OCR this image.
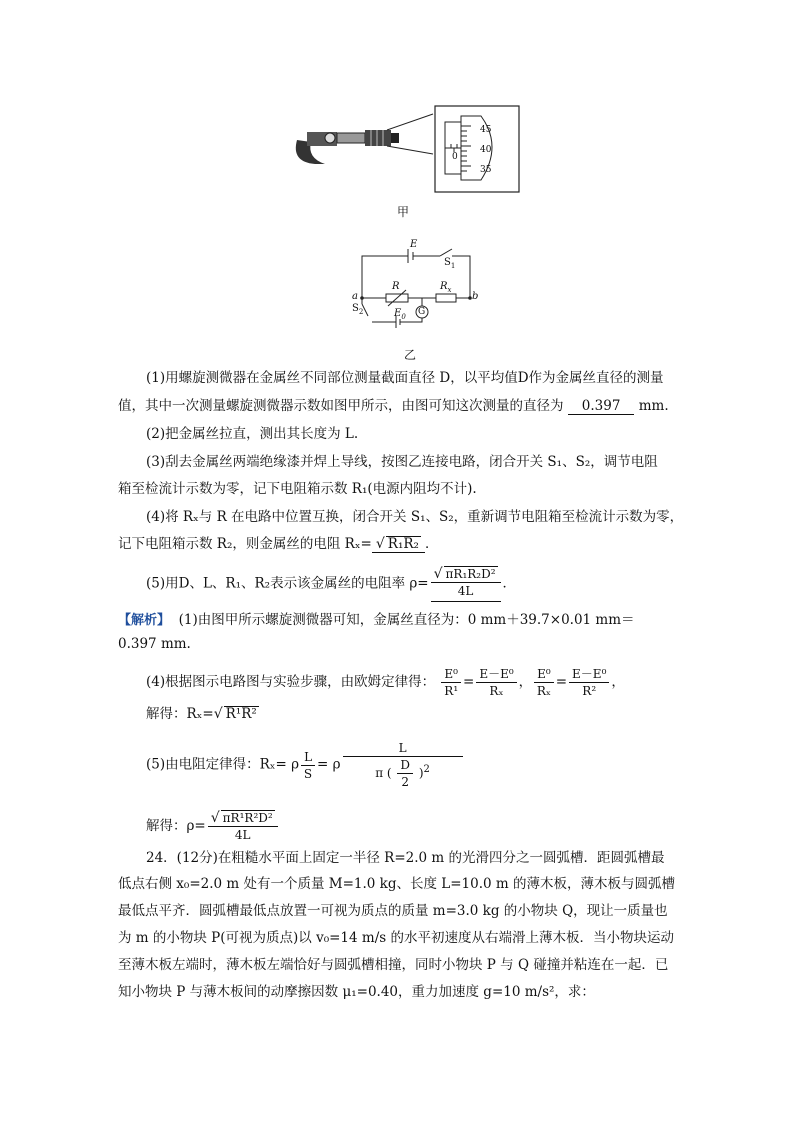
45
40
35
0
甲
E
$S_1$
R	$R_x$
a	b
$S_2$	$E_0$ G
乙
(1)用螺旋测微器在金属丝不同部位测量截面直径 D，以平均值D作为金属丝直径的测量
值，其中一次测量螺旋测微器示数如图甲所示，由图可知这次测量的直径为 0.397 mm.
(2)把金属丝拉直，测出其长度为 L.
(3)刮去金属丝两端绝缘漆并焊上导线，按图乙连接电路，闭合开关 S₁、S₂，调节电阻
箱至检流计示数为零，记下电阻箱示数 R₁(电源内阻均不计).
(4)将 Rₓ与 R 在电路中位置互换，闭合开关 S₁、S₂，重新调节电阻箱至检流计示数为零，
记下电阻箱示数 R₂，则金属丝的电阻 Rₓ= √ R₁R₂ ．
(5)用D、L、R₁、R₂表示该金属丝的电阻率 $\rho= \frac{\text{√ πR₁R₂D²}}{4L}$ ．
【解析】 (1)由图甲所示螺旋测微器可知，金属丝直径为：0 mm＋39.7×0.01 mm＝
0.397 mm.
(4)根据图示电路图与实验步骤，由欧姆定律得： $\frac{\text{E⁰}}{\text{R¹}} = \frac{\text{E－E⁰}}{\text{Rₓ}}$ ， $\frac{\text{E⁰}}{\text{Rₓ}} = \frac{\text{E－E⁰}}{\text{R²}}$ ，
解得：Rₓ=√ R¹R²
(5)由电阻定律得：Rₓ= ρ $\frac{L}{S} = \rho \frac{L}{\pi ( \frac{D}{2} )^2}$
解得：$\rho= \frac{\text{√ πR¹R²D²}}{4L}$
24．(12分)在粗糙水平面上固定一半径 R=2.0 m 的光滑四分之一圆弧槽．距圆弧槽最
低点右侧 x₀=2.0 m 处有一个质量 M=1.0 kg、长度 L=10.0 m 的薄木板，薄木板与圆弧槽
最低点平齐．圆弧槽最低点放置一可视为质点的质量 m=3.0 kg 的小物块 Q，现让一质量也
为 m 的小物块 P(可视为质点)以 v₀=14 m/s 的水平初速度从右端滑上薄木板．当小物块运动
至薄木板左端时，薄木板左端恰好与圆弧槽相撞，同时小物块 P 与 Q 碰撞并粘连在一起．已
知小物块 P 与薄木板间的动摩擦因数 μ₁=0.40，重力加速度 g=10 m/s²，求：
